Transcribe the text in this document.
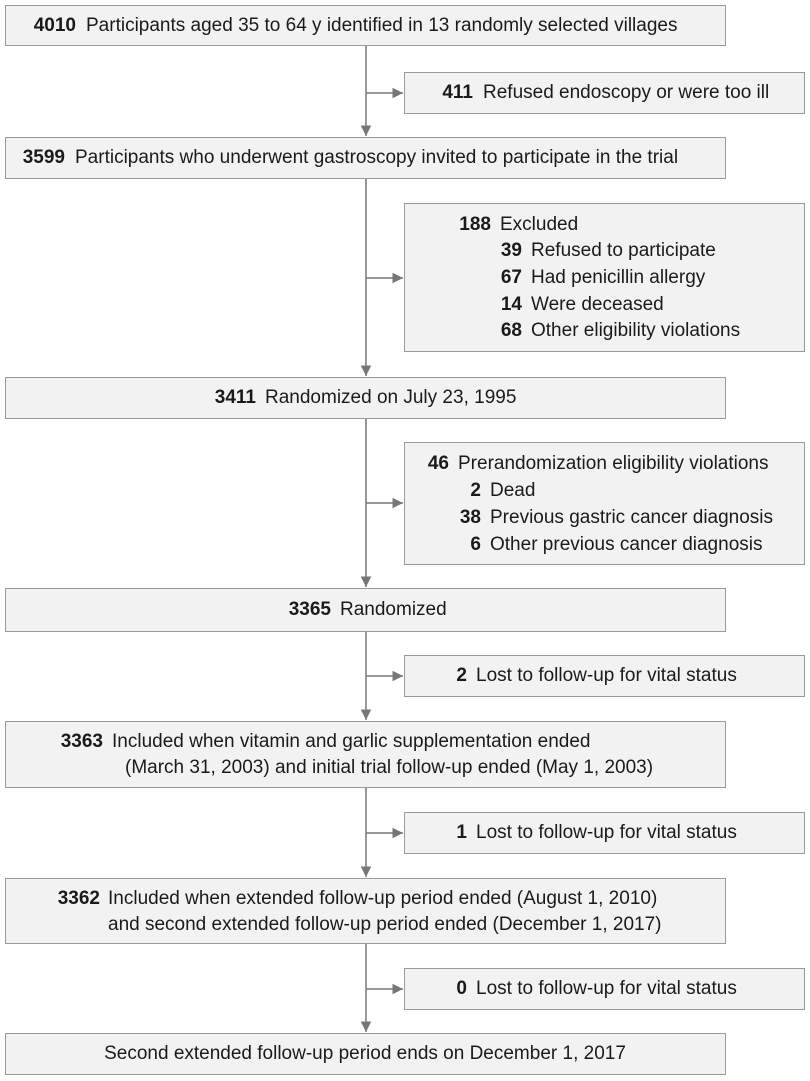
4010 Participants aged 35 to 64 y identified in 13 randomly selected villages
411 Refused endoscopy or were too ill
3599 Participants who underwent gastroscopy invited to participate in the trial
188 Excluded
39 Refused to participate
67 Had penicillin allergy
14 Were deceased
68 Other eligibility violations
3411 Randomized on July 23, 1995
46 Prerandomization eligibility violations
2 Dead
38 Previous gastric cancer diagnosis
6 Other previous cancer diagnosis
3365 Randomized
2 Lost to follow-up for vital status
3363 Included when vitamin and garlic supplementation ended
(March 31, 2003) and initial trial follow-up ended (May 1, 2003)
1 Lost to follow-up for vital status
3362 Included when extended follow-up period ended (August 1, 2010)
and second extended follow-up period ended (December 1, 2017)
0 Lost to follow-up for vital status
Second extended follow-up period ends on December 1, 2017
